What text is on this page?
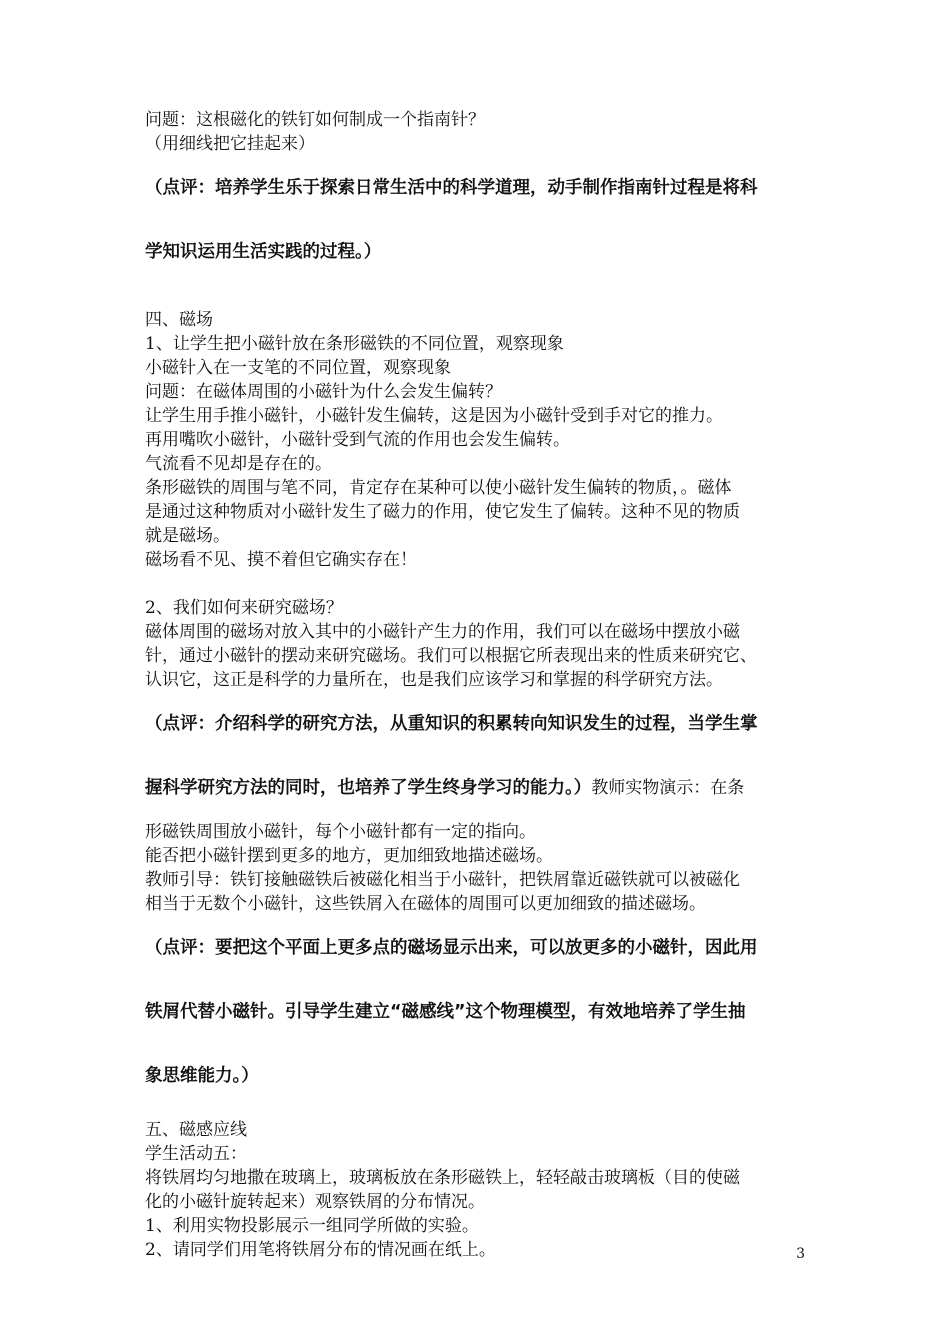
问题：这根磁化的铁钉如何制成一个指南针？
（用细线把它挂起来）
（点评：培养学生乐于探索日常生活中的科学道理，动手制作指南针过程是将科
学知识运用生活实践的过程。）
四、磁场
1、让学生把小磁针放在条形磁铁的不同位置，观察现象
小磁针入在一支笔的不同位置，观察现象
问题：在磁体周围的小磁针为什么会发生偏转？
让学生用手推小磁针，小磁针发生偏转，这是因为小磁针受到手对它的推力。
再用嘴吹小磁针，小磁针受到气流的作用也会发生偏转。
气流看不见却是存在的。
条形磁铁的周围与笔不同，肯定存在某种可以使小磁针发生偏转的物质，。磁体
是通过这种物质对小磁针发生了磁力的作用，使它发生了偏转。这种不见的物质
就是磁场。
磁场看不见、摸不着但它确实存在！
2、我们如何来研究磁场？
磁体周围的磁场对放入其中的小磁针产生力的作用，我们可以在磁场中摆放小磁
针，通过小磁针的摆动来研究磁场。我们可以根据它所表现出来的性质来研究它、
认识它，这正是科学的力量所在，也是我们应该学习和掌握的科学研究方法。
（点评：介绍科学的研究方法，从重知识的积累转向知识发生的过程，当学生掌
握科学研究方法的同时，也培养了学生终身学习的能力。）教师实物演示：在条
形磁铁周围放小磁针，每个小磁针都有一定的指向。
能否把小磁针摆到更多的地方，更加细致地描述磁场。
教师引导：铁钉接触磁铁后被磁化相当于小磁针，把铁屑靠近磁铁就可以被磁化
相当于无数个小磁针，这些铁屑入在磁体的周围可以更加细致的描述磁场。
（点评：要把这个平面上更多点的磁场显示出来，可以放更多的小磁针，因此用
铁屑代替小磁针。引导学生建立“磁感线”这个物理模型，有效地培养了学生抽
象思维能力。）
五、磁感应线
学生活动五：
将铁屑均匀地撒在玻璃上，玻璃板放在条形磁铁上，轻轻敲击玻璃板（目的使磁
化的小磁针旋转起来）观察铁屑的分布情况。
1、利用实物投影展示一组同学所做的实验。
2、请同学们用笔将铁屑分布的情况画在纸上。	3
